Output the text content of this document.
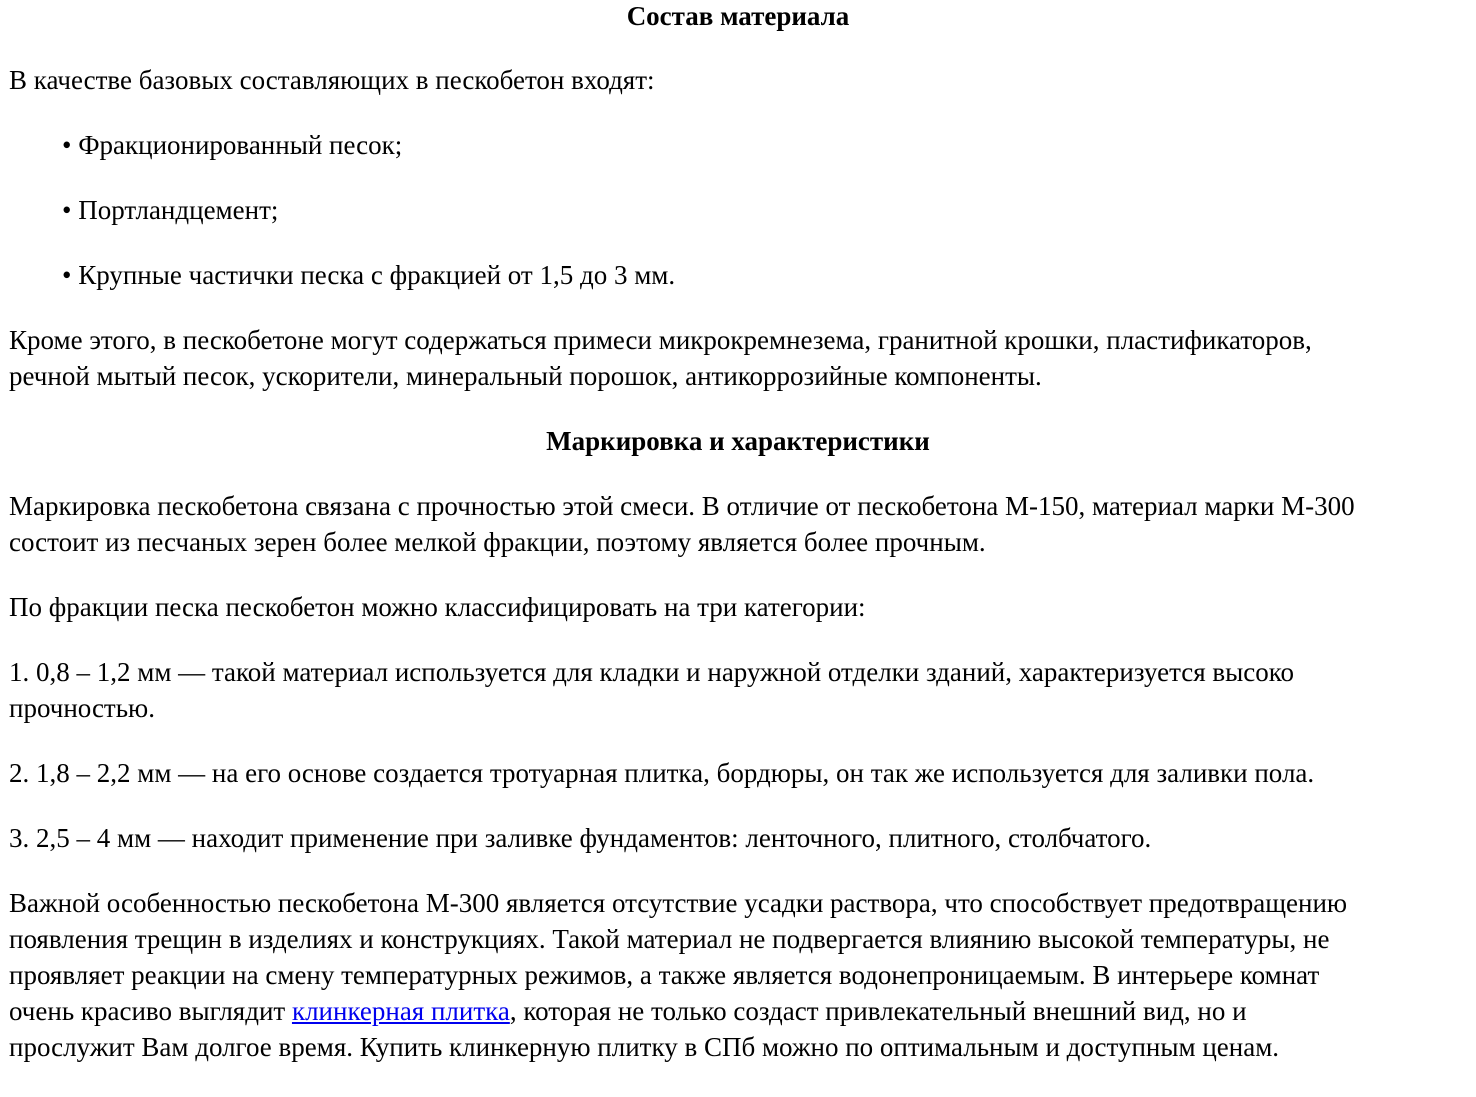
Состав материала

В качестве базовых составляющих в пескобетон входят:

• Фракционированный песок;

• Портландцемент;

• Крупные частички песка с фракцией от 1,5 до 3 мм.

Кроме этого, в пескобетоне могут содержаться примеси микрокремнезема, гранитной крошки, пластификаторов,

речной мытый песок, ускорители, минеральный порошок, антикоррозийные компоненты.

Маркировка и характеристики

Маркировка пескобетона связана с прочностью этой смеси. В отличие от пескобетона М-150, материал марки М-300

состоит из песчаных зерен более мелкой фракции, поэтому является более прочным.

По фракции песка пескобетон можно классифицировать на три категории:

1. 0,8 – 1,2 мм — такой материал используется для кладки и наружной отделки зданий, характеризуется высоко

прочностью.

2. 1,8 – 2,2 мм — на его основе создается тротуарная плитка, бордюры, он так же используется для заливки пола.

3. 2,5 – 4 мм — находит применение при заливке фундаментов: ленточного, плитного, столбчатого.

Важной особенностью пескобетона М-300 является отсутствие усадки раствора, что способствует предотвращению

появления трещин в изделиях и конструкциях. Такой материал не подвергается влиянию высокой температуры, не

проявляет реакции на смену температурных режимов, а также является водонепроницаемым. В интерьере комнат

очень красиво выглядит клинкерная плитка, которая не только создаст привлекательный внешний вид, но и

прослужит Вам долгое время. Купить клинкерную плитку в СПб можно по оптимальным и доступным ценам.
